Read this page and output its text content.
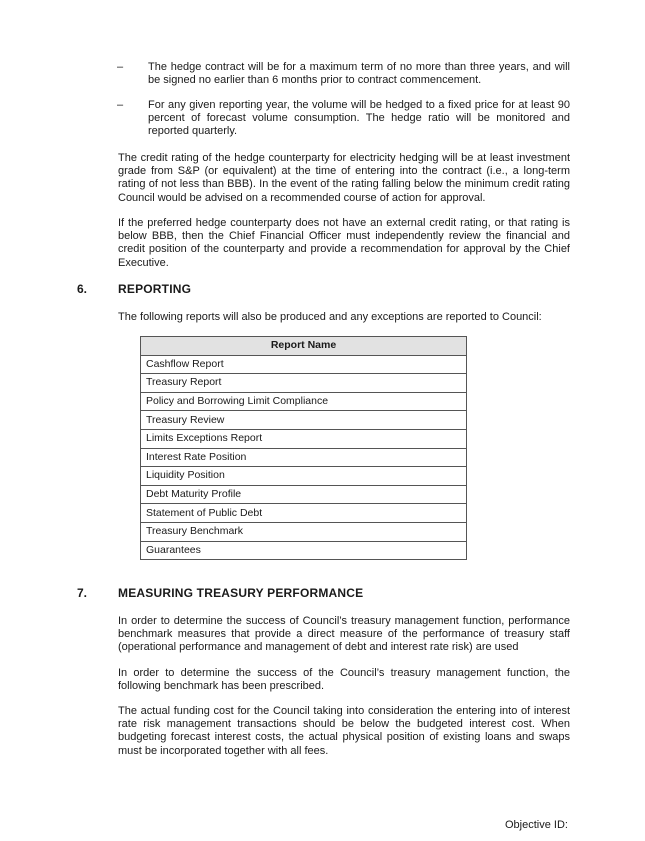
– The hedge contract will be for a maximum term of no more than three years, and will be signed no earlier than 6 months prior to contract commencement.
– For any given reporting year, the volume will be hedged to a fixed price for at least 90 percent of forecast volume consumption. The hedge ratio will be monitored and reported quarterly.

The credit rating of the hedge counterparty for electricity hedging will be at least investment grade from S&P (or equivalent) at the time of entering into the contract (i.e., a long-term rating of not less than BBB). In the event of the rating falling below the minimum credit rating Council would be advised on a recommended course of action for approval.

If the preferred hedge counterparty does not have an external credit rating, or that rating is below BBB, then the Chief Financial Officer must independently review the financial and credit position of the counterparty and provide a recommendation for approval by the Chief Executive.

6.	REPORTING

The following reports will also be produced and any exceptions are reported to Council:

Report Name
Cashflow Report
Treasury Report
Policy and Borrowing Limit Compliance
Treasury Review
Limits Exceptions Report
Interest Rate Position
Liquidity Position
Debt Maturity Profile
Statement of Public Debt
Treasury Benchmark
Guarantees
7.	MEASURING TREASURY PERFORMANCE

In order to determine the success of Council’s treasury management function, performance benchmark measures that provide a direct measure of the performance of treasury staff (operational performance and management of debt and interest rate risk) are used

In order to determine the success of the Council’s treasury management function, the following benchmark has been prescribed.

The actual funding cost for the Council taking into consideration the entering into of interest rate risk management transactions should be below the budgeted interest cost. When budgeting forecast interest costs, the actual physical position of existing loans and swaps must be incorporated together with all fees.

Objective ID:
